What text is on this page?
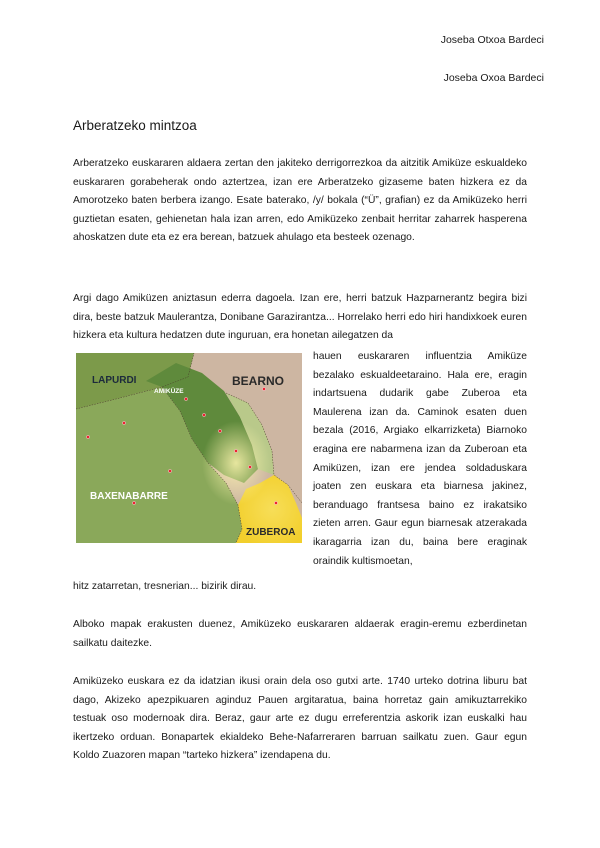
Joseba Otxoa Bardeci
Joseba Oxoa Bardeci
Arberatzeko mintzoa

Arberatzeko euskararen aldaera zertan den jakiteko derrigorrezkoa da aitzitik Amiküze eskualdeko euskararen gorabeherak ondo aztertzea, izan ere Arberatzeko gizaseme baten hizkera ez da Amorotzeko baten berbera izango. Esate baterako, /y/ bokala (“Ü”, grafian) ez da Amiküzeko herri guztietan esaten, gehienetan hala izan arren, edo Amiküzeko zenbait herritar zaharrek hasperena ahoskatzen dute eta ez era berean, batzuek ahulago eta besteek ozenago.

Argi dago Amiküzen aniztasun ederra dagoela. Izan ere, herri batzuk Hazparnerantz begira bizi dira, beste batzuk Maulerantza, Donibane Garazirantza... Horrelako herri edo hiri handixkoek euren hizkera eta kultura hedatzen dute inguruan, era honetan ailegatzen da

LAPURDI
AMIKÜZE
BEARNO
BAXENABARRE
ZUBEROA

hauen euskararen influentzia Amiküze bezalako eskualdeetaraino. Hala ere, eragin indartsuena dudarik gabe Zuberoa eta Maulerena izan da. Caminok esaten duen bezala (2016, Argiako elkarrizketa) Biarnoko eragina ere nabarmena izan da Zuberoan eta Amiküzen, izan ere jendea soldaduskara joaten zen euskara eta biarnesa jakinez, beranduago frantsesa baino ez irakatsiko zieten arren. Gaur egun biarnesak atzerakada ikaragarria izan du, baina bere eraginak oraindik kultismoetan,

hitz zatarretan, tresnerian... bizirik dirau.

Alboko mapak erakusten duenez, Amiküzeko euskararen aldaerak eragin-eremu ezberdinetan sailkatu daitezke.

Amiküzeko euskara ez da idatzian ikusi orain dela oso gutxi arte. 1740 urteko dotrina liburu bat dago, Akizeko apezpikuaren aginduz Pauen argitaratua, baina horretaz gain amikuztarrekiko testuak oso modernoak dira. Beraz, gaur arte ez dugu erreferentzia askorik izan euskalki hau ikertzeko orduan. Bonapartek ekialdeko Behe-Nafarreraren barruan sailkatu zuen. Gaur egun Koldo Zuazoren mapan “tarteko hizkera” izendapena du.
